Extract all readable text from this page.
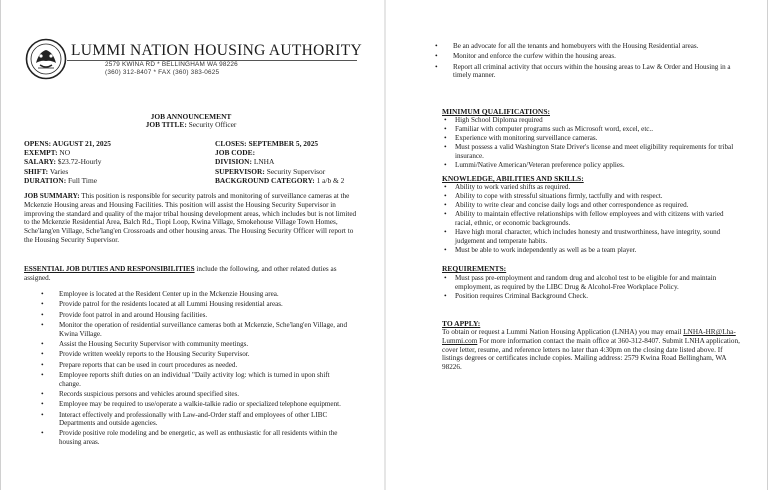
LUMMI NATION HOUSING AUTHORITY
2579 KWINA RD * BELLINGHAM WA 98226
(360) 312-8407 * FAX (360) 383-0625
JOB ANNOUNCEMENT
JOB TITLE: Security Officer
OPENS: AUGUST 21, 2025
EXEMPT: NO
SALARY: $23.72-Hourly
SHIFT: Varies
DURATION: Full Time
CLOSES: SEPTEMBER 5, 2025
JOB CODE:
DIVISION: LNHA
SUPERVISOR: Security Supervisor
BACKGROUND CATEGORY: 1 a/b & 2
JOB SUMMARY: This position is responsible for security patrols and monitoring of surveillance cameras at the Mckenzie Housing areas and Housing Facilities. This position will assist the Housing Security Supervisor in improving the standard and quality of the major tribal housing development areas, which includes but is not limited to the Mckenzie Residential Area, Balch Rd., Tiopi Loop, Kwina Village, Smokehouse Village Town Homes, Sche'lang'en Village, Sche'lang'en Crossroads and other housing areas. The Housing Security Officer will report to the Housing Security Supervisor.
ESSENTIAL JOB DUTIES AND RESPONSIBILITIES include the following, and other related duties as assigned.
• Employee is located at the Resident Center up in the Mckenzie Housing area.
• Provide patrol for the residents located at all Lummi Housing residential areas.
• Provide foot patrol in and around Housing facilities.
• Monitor the operation of residential surveillance cameras both at Mckenzie, Sche'lang'en Village, and Kwina Village.
• Assist the Housing Security Supervisor with community meetings.
• Provide written weekly reports to the Housing Security Supervisor.
• Prepare reports that can be used in court procedures as needed.
• Employee reports shift duties on an individual "Daily activity log: which is turned in upon shift change.
• Records suspicious persons and vehicles around specified sites.
• Employee may be required to use/operate a walkie-talkie radio or specialized telephone equipment.
• Interact effectively and professionally with Law-and-Order staff and employees of other LIBC Departments and outside agencies.
• Provide positive role modeling and be energetic, as well as enthusiastic for all residents within the housing areas.
• Be an advocate for all the tenants and homebuyers with the Housing Residential areas.
• Monitor and enforce the curfew within the housing areas.
• Report all criminal activity that occurs within the housing areas to Law & Order and Housing in a timely manner.
MINIMUM QUALIFICATIONS:
• High School Diploma required
• Familiar with computer programs such as Microsoft word, excel, etc..
• Experience with monitoring surveillance cameras.
• Must possess a valid Washington State Driver's license and meet eligibility requirements for tribal insurance.
• Lummi/Native American/Veteran preference policy applies.
KNOWLEDGE, ABILITIES AND SKILLS:
• Ability to work varied shifts as required.
• Ability to cope with stressful situations firmly, tactfully and with respect.
• Ability to write clear and concise daily logs and other correspondence as required.
• Ability to maintain effective relationships with fellow employees and with citizens with varied racial, ethnic, or economic backgrounds.
• Have high moral character, which includes honesty and trustworthiness, have integrity, sound judgement and temperate habits.
• Must be able to work independently as well as be a team player.
REQUIREMENTS:
• Must pass pre-employment and random drug and alcohol test to be eligible for and maintain employment, as required by the LIBC Drug & Alcohol-Free Workplace Policy.
• Position requires Criminal Background Check.
TO APPLY:
To obtain or request a Lummi Nation Housing Application (LNHA) you may email LNHA-HR@Lha-Lummi.com For more information contact the main office at 360-312-8407. Submit LNHA application, cover letter, resume, and reference letters no later than 4:30pm on the closing date listed above. If listings degrees or certificates include copies. Mailing address: 2579 Kwina Road Bellingham, WA 98226.
